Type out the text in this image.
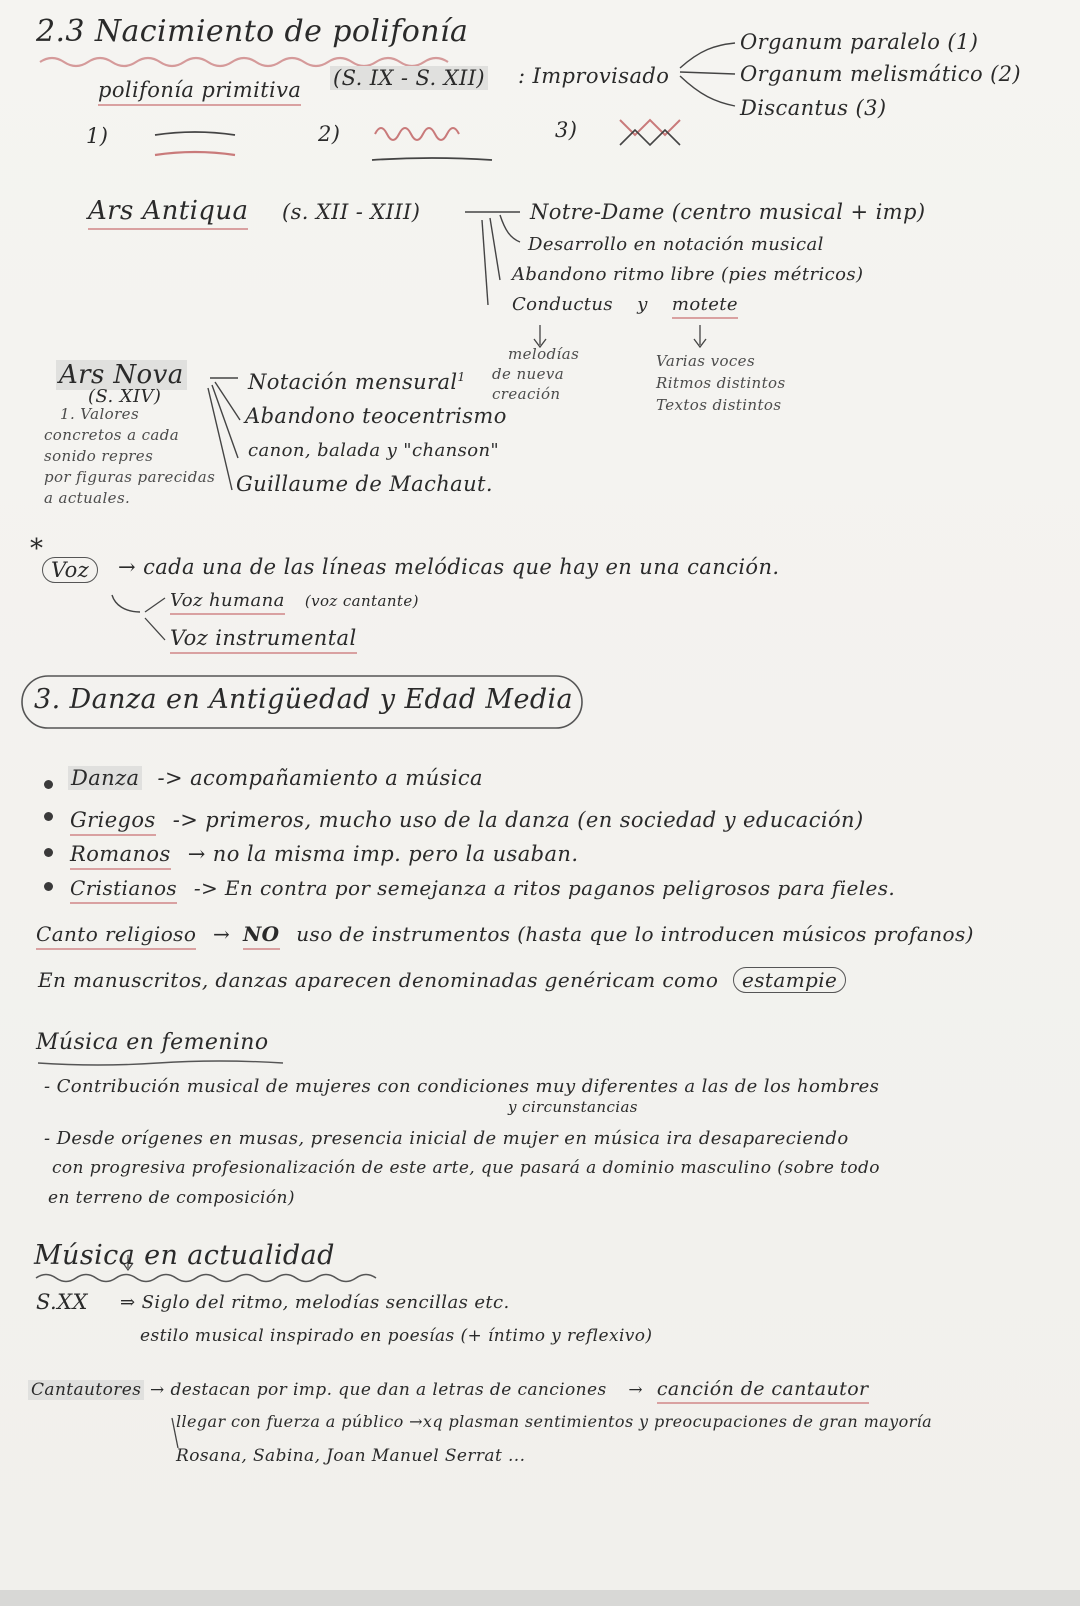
2.3 Nacimiento de polifonía
polifonía primitiva (S. IX - S. XII) : Improvisado
Organum paralelo (1)
Organum melismático (2)
Discantus (3)
1)	2)	3)
Ars Antiqua (s. XII - XIII)	Notre-Dame (centro musical + imp)
Desarrollo en notación musical
Abandono ritmo libre (pies métricos)
Conductus y motete
melodías
de nueva
creación
Varias voces
Ritmos distintos
Textos distintos
Ars Nova
(S. XIV)
Notación mensural$^1$
Abandono teocentrismo
canon, balada y "chanson"
Guillaume de Machaut.
1. Valores
concretos a cada
sonido repres
por figuras parecidas
a actuales.
*
Voz	→ cada una de las líneas melódicas que hay en una canción.
Voz humana (voz cantante)
Voz instrumental
3. Danza en Antigüedad y Edad Media
Danza -> acompañamiento a música
Griegos -> primeros, mucho uso de la danza (en sociedad y educación)
Romanos → no la misma imp. pero la usaban.
Cristianos -> En contra por semejanza a ritos paganos peligrosos para fieles.
Canto religioso → NO uso de instrumentos (hasta que lo introducen músicos profanos)
En manuscritos, danzas aparecen denominadas genéricam como estampie
Música en femenino
- Contribución musical de mujeres con condiciones muy diferentes a las de los hombres
y circunstancias
- Desde orígenes en musas, presencia inicial de mujer en música ira desapareciendo
con progresiva profesionalización de este arte, que pasará a dominio masculino (sobre todo
en terreno de composición)
Música en actualidad
S.XX ⇒ Siglo del ritmo, melodías sencillas etc.
estilo musical inspirado en poesías (+ íntimo y reflexivo)
Cantautores → destacan por imp. que dan a letras de canciones → canción de cantautor
llegar con fuerza a público →xq plasman sentimientos y preocupaciones de gran mayoría
Rosana, Sabina, Joan Manuel Serrat ...
